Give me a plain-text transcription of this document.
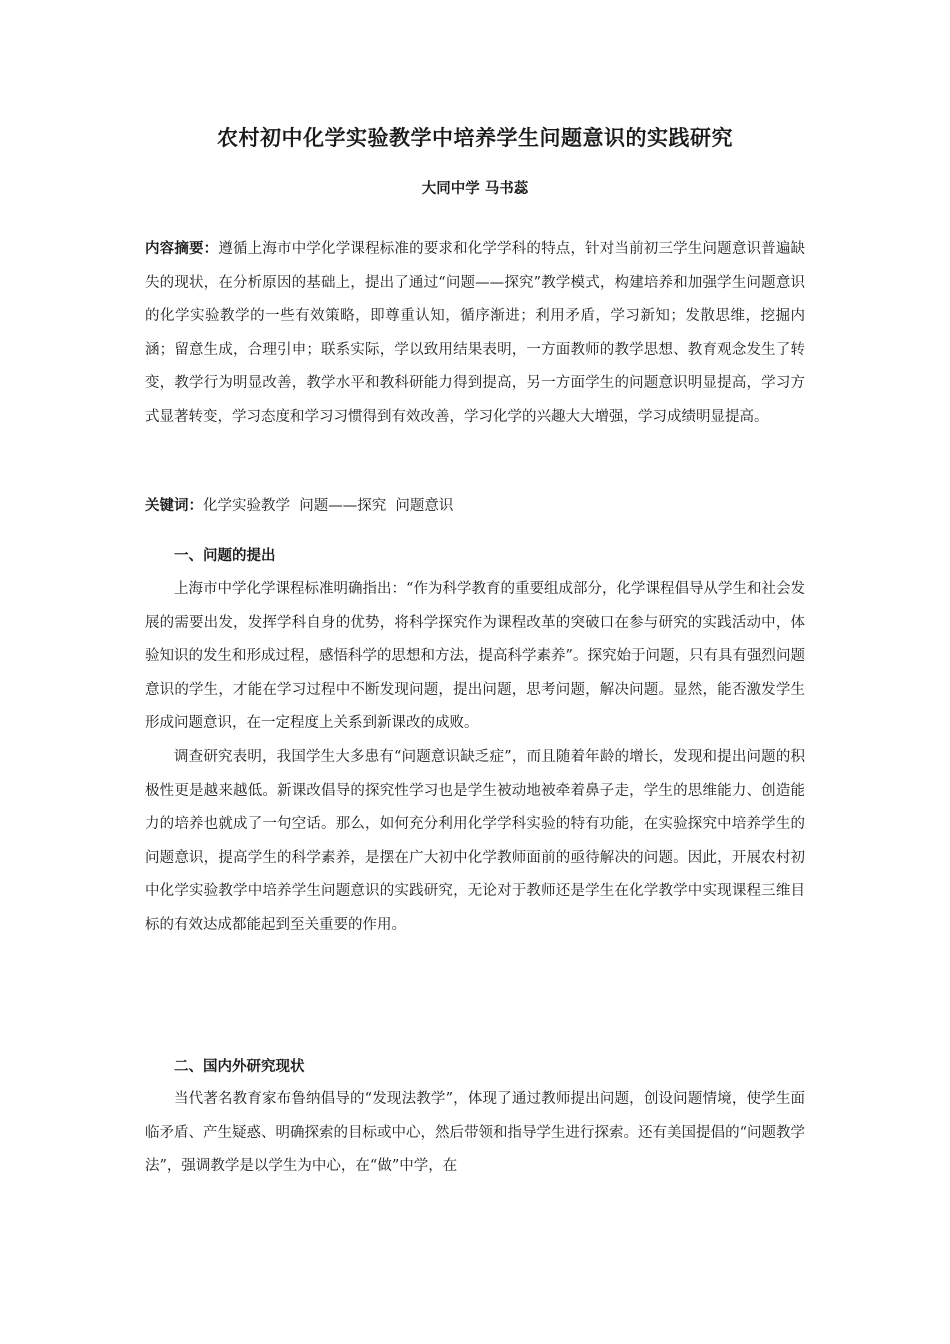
农村初中化学实验教学中培养学生问题意识的实践研究
大同中学 马书蕊

内容摘要：遵循上海市中学化学课程标准的要求和化学学科的特点，针对当前初三学生问题意识普遍缺失的现状，在分析原因的基础上，提出了通过“问题——探究”教学模式，构建培养和加强学生问题意识的化学实验教学的一些有效策略，即尊重认知，循序渐进；利用矛盾，学习新知；发散思维，挖掘内涵；留意生成，合理引申；联系实际，学以致用结果表明，一方面教师的教学思想、教育观念发生了转变，教学行为明显改善，教学水平和教科研能力得到提高，另一方面学生的问题意识明显提高，学习方式显著转变，学习态度和学习习惯得到有效改善，学习化学的兴趣大大增强，学习成绩明显提高。

关键词：化学实验教学  问题——探究  问题意识
一、问题的提出

上海市中学化学课程标准明确指出：“作为科学教育的重要组成部分，化学课程倡导从学生和社会发展的需要出发，发挥学科自身的优势，将科学探究作为课程改革的突破口在参与研究的实践活动中，体验知识的发生和形成过程，感悟科学的思想和方法，提高科学素养”。探究始于问题，只有具有强烈问题意识的学生，才能在学习过程中不断发现问题，提出问题，思考问题，解决问题。显然，能否激发学生形成问题意识，在一定程度上关系到新课改的成败。

调查研究表明，我国学生大多患有“问题意识缺乏症”，而且随着年龄的增长，发现和提出问题的积极性更是越来越低。新课改倡导的探究性学习也是学生被动地被牵着鼻子走，学生的思维能力、创造能力的培养也就成了一句空话。那么，如何充分利用化学学科实验的特有功能，在实验探究中培养学生的问题意识，提高学生的科学素养，是摆在广大初中化学教师面前的亟待解决的问题。因此，开展农村初中化学实验教学中培养学生问题意识的实践研究，无论对于教师还是学生在化学教学中实现课程三维目标的有效达成都能起到至关重要的作用。

二、国内外研究现状

当代著名教育家布鲁纳倡导的“发现法教学”，体现了通过教师提出问题，创设问题情境，使学生面临矛盾、产生疑惑、明确探索的目标或中心，然后带领和指导学生进行探索。还有美国提倡的“问题教学法”，强调教学是以学生为中心，在“做”中学，在
